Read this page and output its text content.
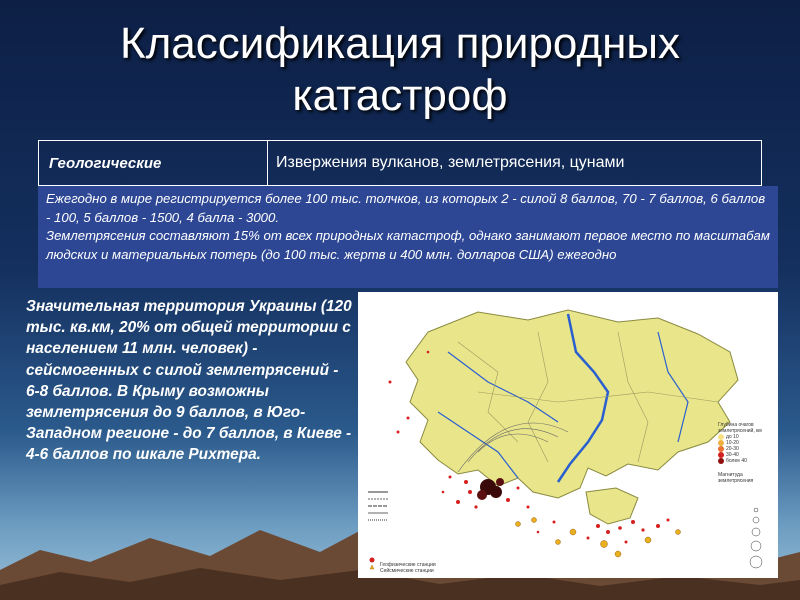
Классификация природных
катастроф
Геологические	Извержения вулканов, землетрясения, цунами

Ежегодно в мире регистрируется более 100 тыс. толчков, из которых 2 - силой 8 баллов, 70 - 7 баллов, 6 баллов - 100, 5 баллов - 1500, 4 балла - 3000.

Землетрясения составляют 15% от всех природных катастроф, однако занимают первое место по масштабам людских и материальных потерь (до 100 тыс. жертв и 400 млн. долларов США) ежегодно

Значительная территория Украины (120 тыс. кв.км, 20% от общей территории с населением 11 млн. человек) - сейсмогенных с силой землетрясений - 6-8 баллов. В Крыму возможны землетрясения до 9 баллов, в Юго-Западном регионе - до 7 баллов, в Киеве - 4-6 баллов по шкале Рихтера.
Глубина очагов землетрясений, км
до 10
10-20
20-30
30-40
более 40
Магнитуда землетрясения
Геофизические станции
Сейсмические станции
